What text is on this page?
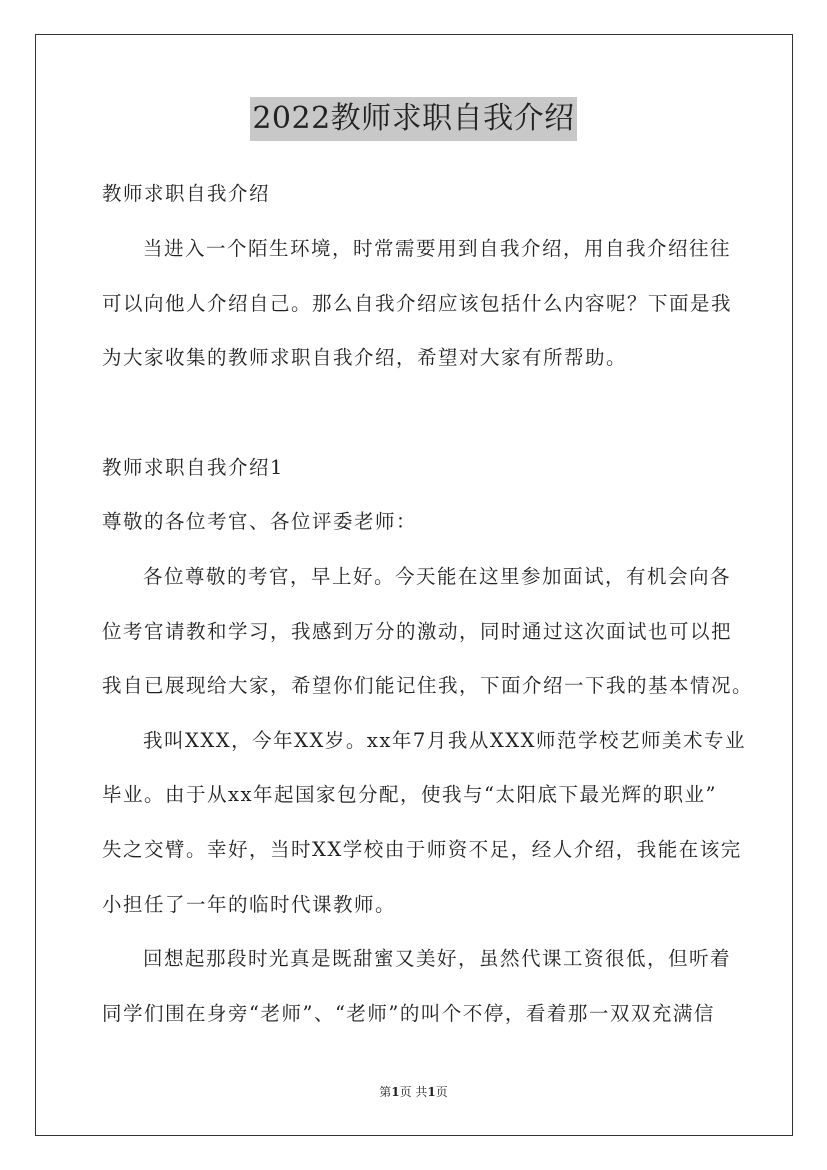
2022教师求职自我介绍
教师求职自我介绍
当进入一个陌生环境，时常需要用到自我介绍，用自我介绍往往
可以向他人介绍自己。那么自我介绍应该包括什么内容呢？下面是我
为大家收集的教师求职自我介绍，希望对大家有所帮助。
教师求职自我介绍1
尊敬的各位考官、各位评委老师：
各位尊敬的考官，早上好。今天能在这里参加面试，有机会向各
位考官请教和学习，我感到万分的激动，同时通过这次面试也可以把
我自已展现给大家，希望你们能记住我，下面介绍一下我的基本情况。
我叫XXX，今年XX岁。xx年7月我从XXX师范学校艺师美术专业
毕业。由于从xx年起国家包分配，使我与“太阳底下最光辉的职业”
失之交臂。幸好，当时XX学校由于师资不足，经人介绍，我能在该完
小担任了一年的临时代课教师。
回想起那段时光真是既甜蜜又美好，虽然代课工资很低，但听着
同学们围在身旁“老师”、“老师”的叫个不停，看着那一双双充满信
第1页 共1页
